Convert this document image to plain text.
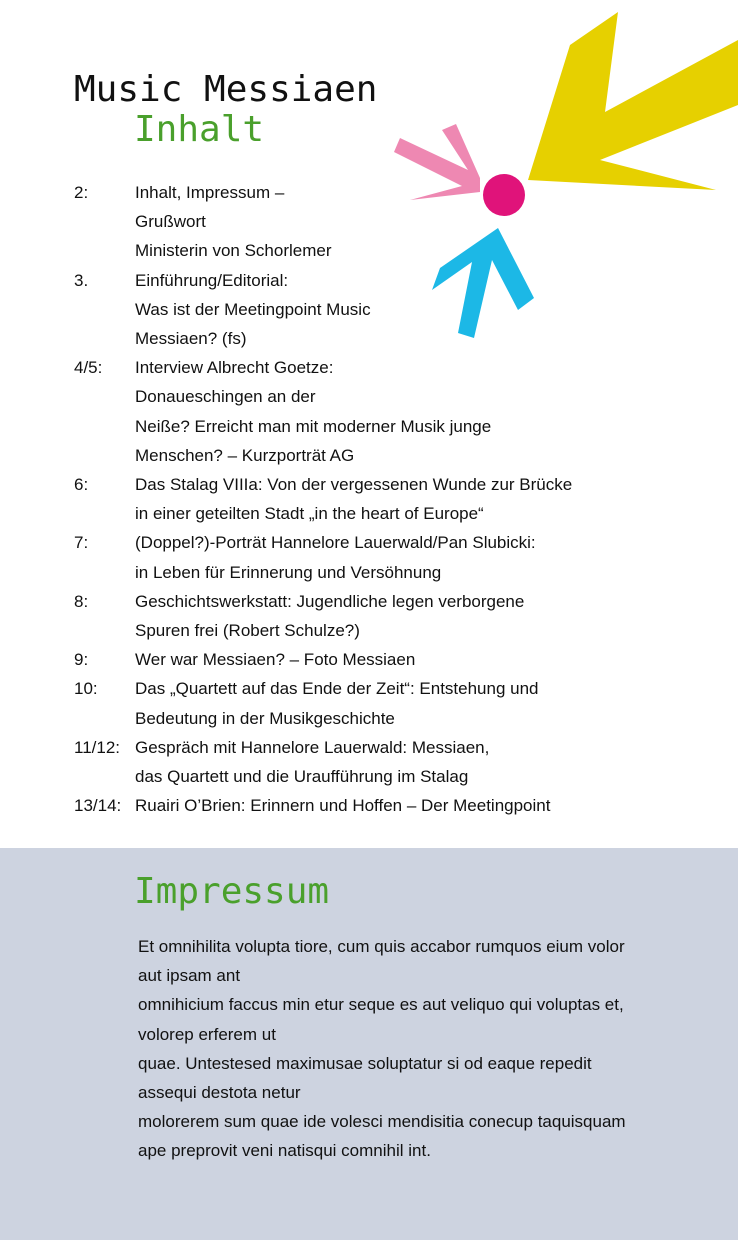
Music Messiaen
Inhalt
2:	Inhalt, Impressum –
Grußwort
Ministerin von Schorlemer
3.	Einführung/Editorial:
Was ist der Meetingpoint Music
Messiaen? (fs)
4/5:	Interview Albrecht Goetze:
Donaueschingen an der
Neiße? Erreicht man mit moderner Musik junge
Menschen? – Kurzporträt AG
6:	Das Stalag VIIIa: Von der vergessenen Wunde zur Brücke
in einer geteilten Stadt „in the heart of Europe“
7:	(Doppel?)-Porträt Hannelore Lauerwald/Pan Slubicki:
in Leben für Erinnerung und Versöhnung
8:	Geschichtswerkstatt: Jugendliche legen verborgene
Spuren frei (Robert Schulze?)
9:	Wer war Messiaen? – Foto Messiaen
10:	Das „Quartett auf das Ende der Zeit“: Entstehung und
Bedeutung in der Musikgeschichte
11/12: Gespräch mit Hannelore Lauerwald: Messiaen,
das Quartett und die Uraufführung im Stalag
13/14: Ruairi O’Brien: Erinnern und Hoffen – Der Meetingpoint
Impressum
Et omnihilita volupta tiore, cum quis accabor rumquos eium volor
aut ipsam ant
omnihicium faccus min etur seque es aut veliquo qui voluptas et,
volorep erferem ut
quae. Untestesed maximusae soluptatur si od eaque repedit
assequi destota netur
molorerem sum quae ide volesci mendisitia conecup taquisquam
ape preprovit veni natisqui comnihil int.
